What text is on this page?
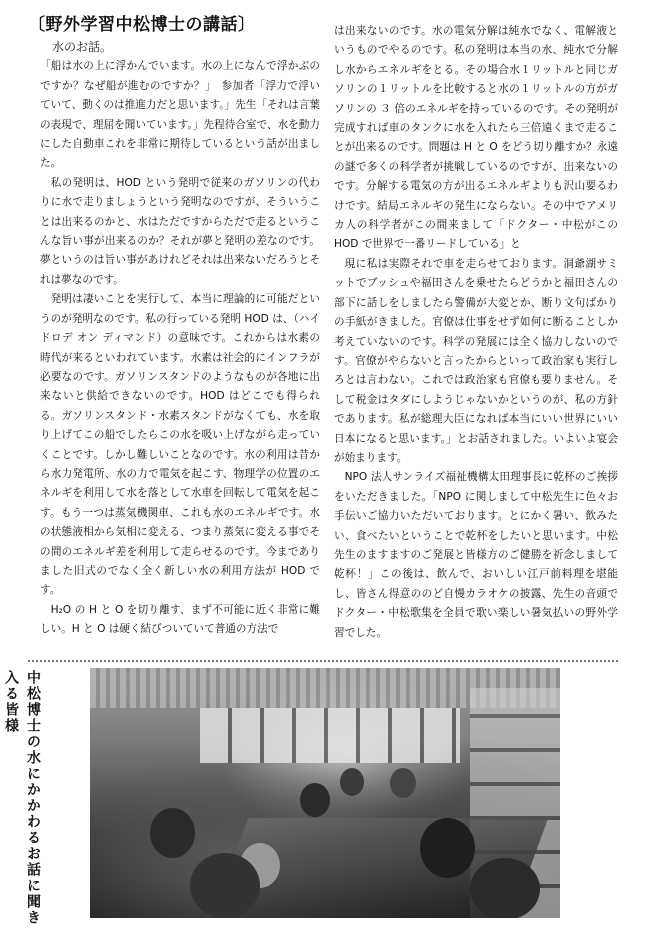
〔野外学習中松博士の講話〕

水のお話。

「船は水の上に浮かんでいます。水の上になんで浮かぶのですか？なぜ船が進むのですか？」　参加者「浮力で浮いていて、動くのは推進力だと思います。」先生「それは言葉の表現で、理屈を聞いています。」先程待合室で、水を動力にした自動車これを非常に期待しているという話が出ました。

私の発明は、HOD という発明で従来のガソリンの代わりに水で走りましょうという発明なのですが、そういうことは出来るのかと、水はただですからただで走るというこんな旨い事が出来るのか？それが夢と発明の差なのです。夢というのは旨い事があけれどそれは出来ないだろうとそれは夢なのです。

発明は凄いことを実行して、本当に理論的に可能だというのが発明なのです。私の行っている発明 HOD は、（ハイドロデ オン ディマンド）の意味です。これからは水素の時代が来るといわれています。水素は社会的にインフラが必要なのです。ガソリンスタンドのようなものが各地に出来ないと供給できないのです。HOD はどこでも得られる。ガソリンスタンド・水素スタンドがなくても、水を取り上げてこの船でしたらこの水を吸い上げながら走っていくことです。しかし難しいことなのです。水の利用は昔から水力発電所、水の力で電気を起こす、物理学の位置のエネルギを利用して水を落として水車を回転して電気を起こす。もう一つは蒸気機関車、これも水のエネルギです。水の状態液相から気相に変える、つまり蒸気に変える事でその間のエネルギ差を利用して走らせるのです。今までありました旧式のでなく全く新しい水の利用方法が HOD です。

H₂O の H と O を切り離す、まず不可能に近く非常に難しい。H と O は硬く結びついていて普通の方法で

は出来ないのです。水の電気分解は純水でなく、電解液というものでやるのです。私の発明は本当の水、純水で分解し水からエネルギをとる。その場合水１リットルと同じガソリンの１リットルを比較すると水の１リットルの方がガソリンの ３ 倍のエネルギを持っているのです。その発明が完成すれば車のタンクに水を入れたら三倍遠くまで走ることが出来るのです。問題は H と O をどう切り離すか？永遠の謎で多くの科学者が挑戦しているのですが、出来ないのです。分解する電気の方が出るエネルギよりも沢山要るわけです。結局エネルギの発生にならない。その中でアメリカ人の科学者がこの間来まして「ドクター・中松がこの HOD で世界で一番リードしている」と

現に私は実際それで車を走らせております。洞爺湖サミットでブッシュや福田さんを乗せたらどうかと福田さんの部下に話しをしましたら警備が大変とか、断り文句ばかりの手紙がきました。官僚は仕事をせず如何に断ることしか考えていないのです。科学の発展には全く協力しないのです。官僚がやらないと言ったからといって政治家も実行しろとは言わない。これでは政治家も官僚も要りません。そして税金はタダにしようじゃないかというのが、私の方針であります。私が総理大臣になれば本当にいい世界にいい日本になると思います。」とお話されました。いよいよ宴会が始まります。

NPO 法人サンライズ福祉機構太田理事長に乾杯のご挨拶をいただきました。「NPO に関しまして中松先生に色々お手伝いご協力いただいております。とにかく暑い、飲みたい、食べたいということで乾杯をしたいと思います。中松先生のますますのご発展と皆様方のご健勝を祈念しまして乾杯！」この後は、飲んで、おいしい江戸前料理を堪能し、皆さん得意ののど自慢カラオケの披露、先生の音頭でドクター・中松歌集を全員で歌い楽しい暑気払いの野外学習でした。

中松博士の水にかかわるお話に聞き入る皆様
